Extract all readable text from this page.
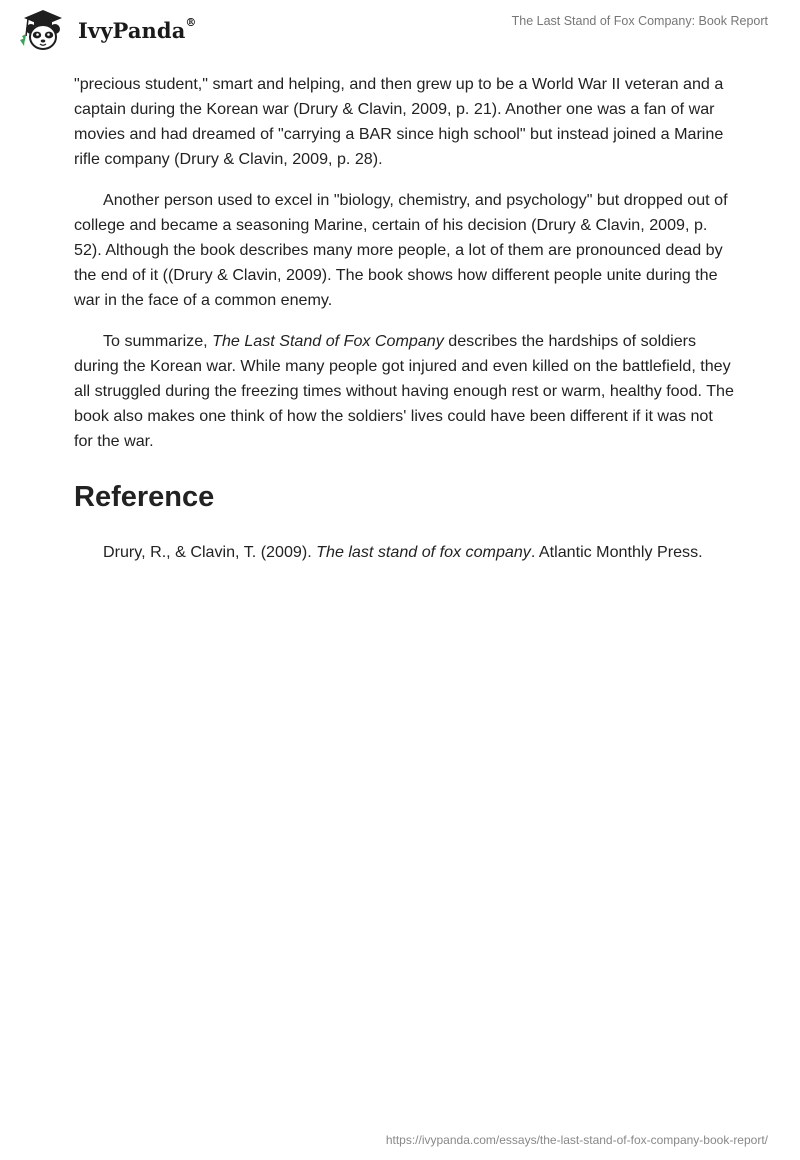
IvyPanda®	The Last Stand of Fox Company: Book Report

"precious student," smart and helping, and then grew up to be a World War II veteran and a captain during the Korean war (Drury & Clavin, 2009, p. 21). Another one was a fan of war movies and had dreamed of "carrying a BAR since high school" but instead joined a Marine rifle company (Drury & Clavin, 2009, p. 28).

Another person used to excel in "biology, chemistry, and psychology" but dropped out of college and became a seasoning Marine, certain of his decision (Drury & Clavin, 2009, p. 52). Although the book describes many more people, a lot of them are pronounced dead by the end of it ((Drury & Clavin, 2009). The book shows how different people unite during the war in the face of a common enemy.

To summarize, The Last Stand of Fox Company describes the hardships of soldiers during the Korean war. While many people got injured and even killed on the battlefield, they all struggled during the freezing times without having enough rest or warm, healthy food. The book also makes one think of how the soldiers' lives could have been different if it was not for the war.

Reference

Drury, R., & Clavin, T. (2009). The last stand of fox company. Atlantic Monthly Press.

https://ivypanda.com/essays/the-last-stand-of-fox-company-book-report/
